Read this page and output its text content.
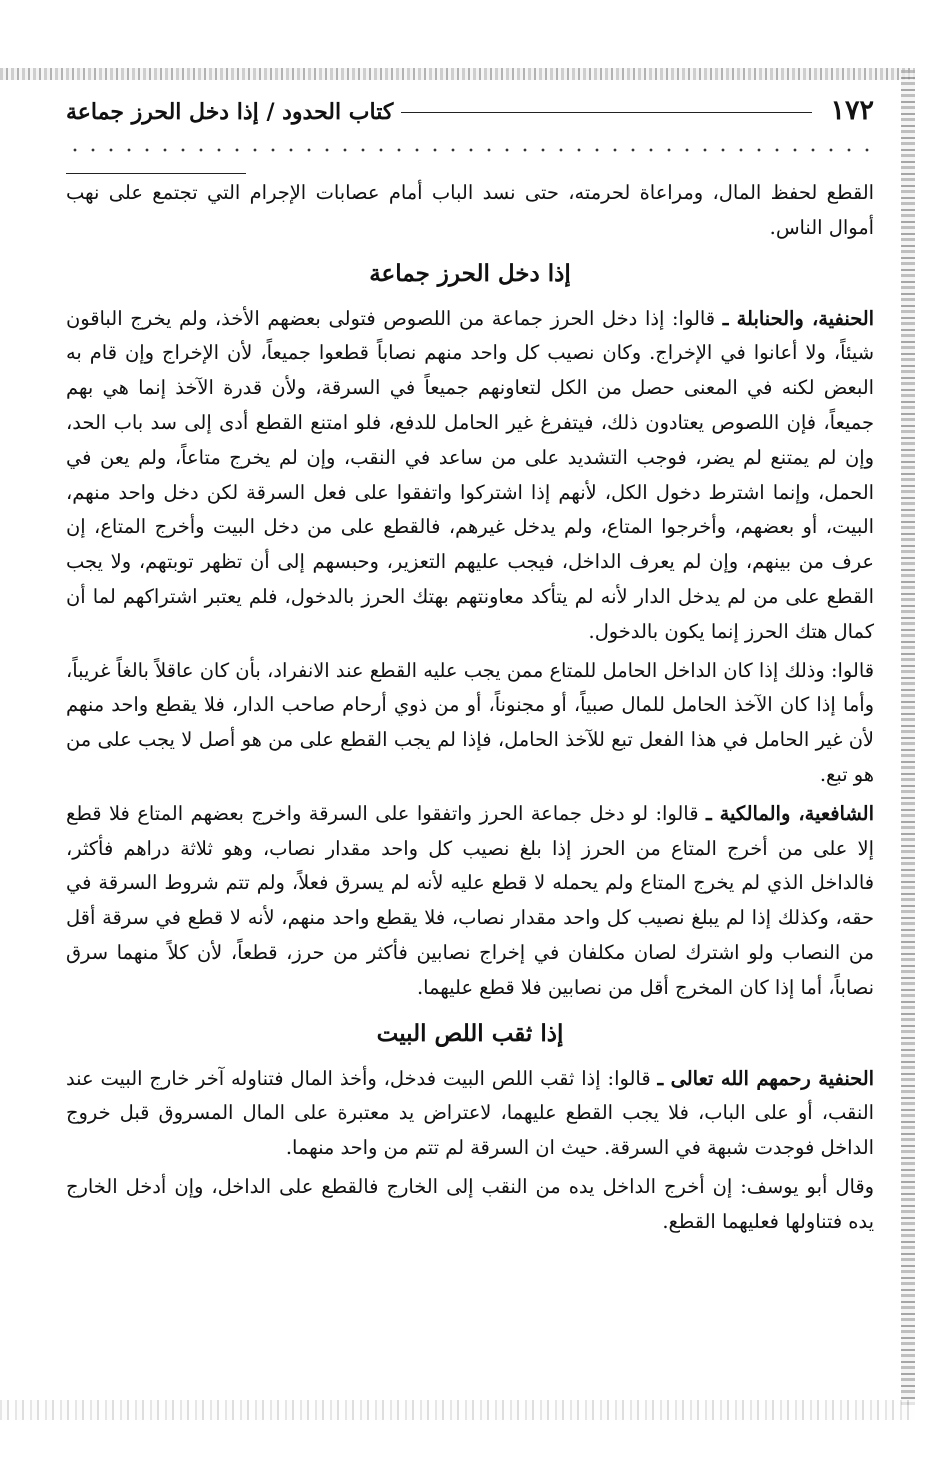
١٧٢
كتاب الحدود / إذا دخل الحرز جماعة

القطع لحفظ المال، ومراعاة لحرمته، حتى نسد الباب أمام عصابات الإجرام التي تجتمع على نهب أموال الناس.

إذا دخل الحرز جماعة

الحنفية، والحنابلة ـ قالوا: إذا دخل الحرز جماعة من اللصوص فتولى بعضهم الأخذ، ولم يخرج الباقون شيئاً، ولا أعانوا في الإخراج. وكان نصيب كل واحد منهم نصاباً قطعوا جميعاً، لأن الإخراج وإن قام به البعض لكنه في المعنى حصل من الكل لتعاونهم جميعاً في السرقة، ولأن قدرة الآخذ إنما هي بهم جميعاً، فإن اللصوص يعتادون ذلك، فيتفرغ غير الحامل للدفع، فلو امتنع القطع أدى إلى سد باب الحد، وإن لم يمتنع لم يضر، فوجب التشديد على من ساعد في النقب، وإن لم يخرج متاعاً، ولم يعن في الحمل، وإنما اشترط دخول الكل، لأنهم إذا اشتركوا واتفقوا على فعل السرقة لكن دخل واحد منهم، البيت، أو بعضهم، وأخرجوا المتاع، ولم يدخل غيرهم، فالقطع على من دخل البيت وأخرج المتاع، إن عرف من بينهم، وإن لم يعرف الداخل، فيجب عليهم التعزير، وحبسهم إلى أن تظهر توبتهم، ولا يجب القطع على من لم يدخل الدار لأنه لم يتأكد معاونتهم بهتك الحرز بالدخول، فلم يعتبر اشتراكهم لما أن كمال هتك الحرز إنما يكون بالدخول.

قالوا: وذلك إذا كان الداخل الحامل للمتاع ممن يجب عليه القطع عند الانفراد، بأن كان عاقلاً بالغاً غريباً، وأما إذا كان الآخذ الحامل للمال صبياً، أو مجنوناً، أو من ذوي أرحام صاحب الدار، فلا يقطع واحد منهم لأن غير الحامل في هذا الفعل تبع للآخذ الحامل، فإذا لم يجب القطع على من هو أصل لا يجب على من هو تبع.

الشافعية، والمالكية ـ قالوا: لو دخل جماعة الحرز واتفقوا على السرقة واخرج بعضهم المتاع فلا قطع إلا على من أخرج المتاع من الحرز إذا بلغ نصيب كل واحد مقدار نصاب، وهو ثلاثة دراهم فأكثر، فالداخل الذي لم يخرج المتاع ولم يحمله لا قطع عليه لأنه لم يسرق فعلاً، ولم تتم شروط السرقة في حقه، وكذلك إذا لم يبلغ نصيب كل واحد مقدار نصاب، فلا يقطع واحد منهم، لأنه لا قطع في سرقة أقل من النصاب ولو اشترك لصان مكلفان في إخراج نصابين فأكثر من حرز، قطعاً، لأن كلاً منهما سرق نصاباً، أما إذا كان المخرج أقل من نصابين فلا قطع عليهما.

إذا ثقب اللص البيت

الحنفية رحمهم الله تعالى ـ قالوا: إذا ثقب اللص البيت فدخل، وأخذ المال فتناوله آخر خارج البيت عند النقب، أو على الباب، فلا يجب القطع عليهما، لاعتراض يد معتبرة على المال المسروق قبل خروج الداخل فوجدت شبهة في السرقة. حيث ان السرقة لم تتم من واحد منهما.

وقال أبو يوسف: إن أخرج الداخل يده من النقب إلى الخارج فالقطع على الداخل، وإن أدخل الخارج يده فتناولها فعليهما القطع.
